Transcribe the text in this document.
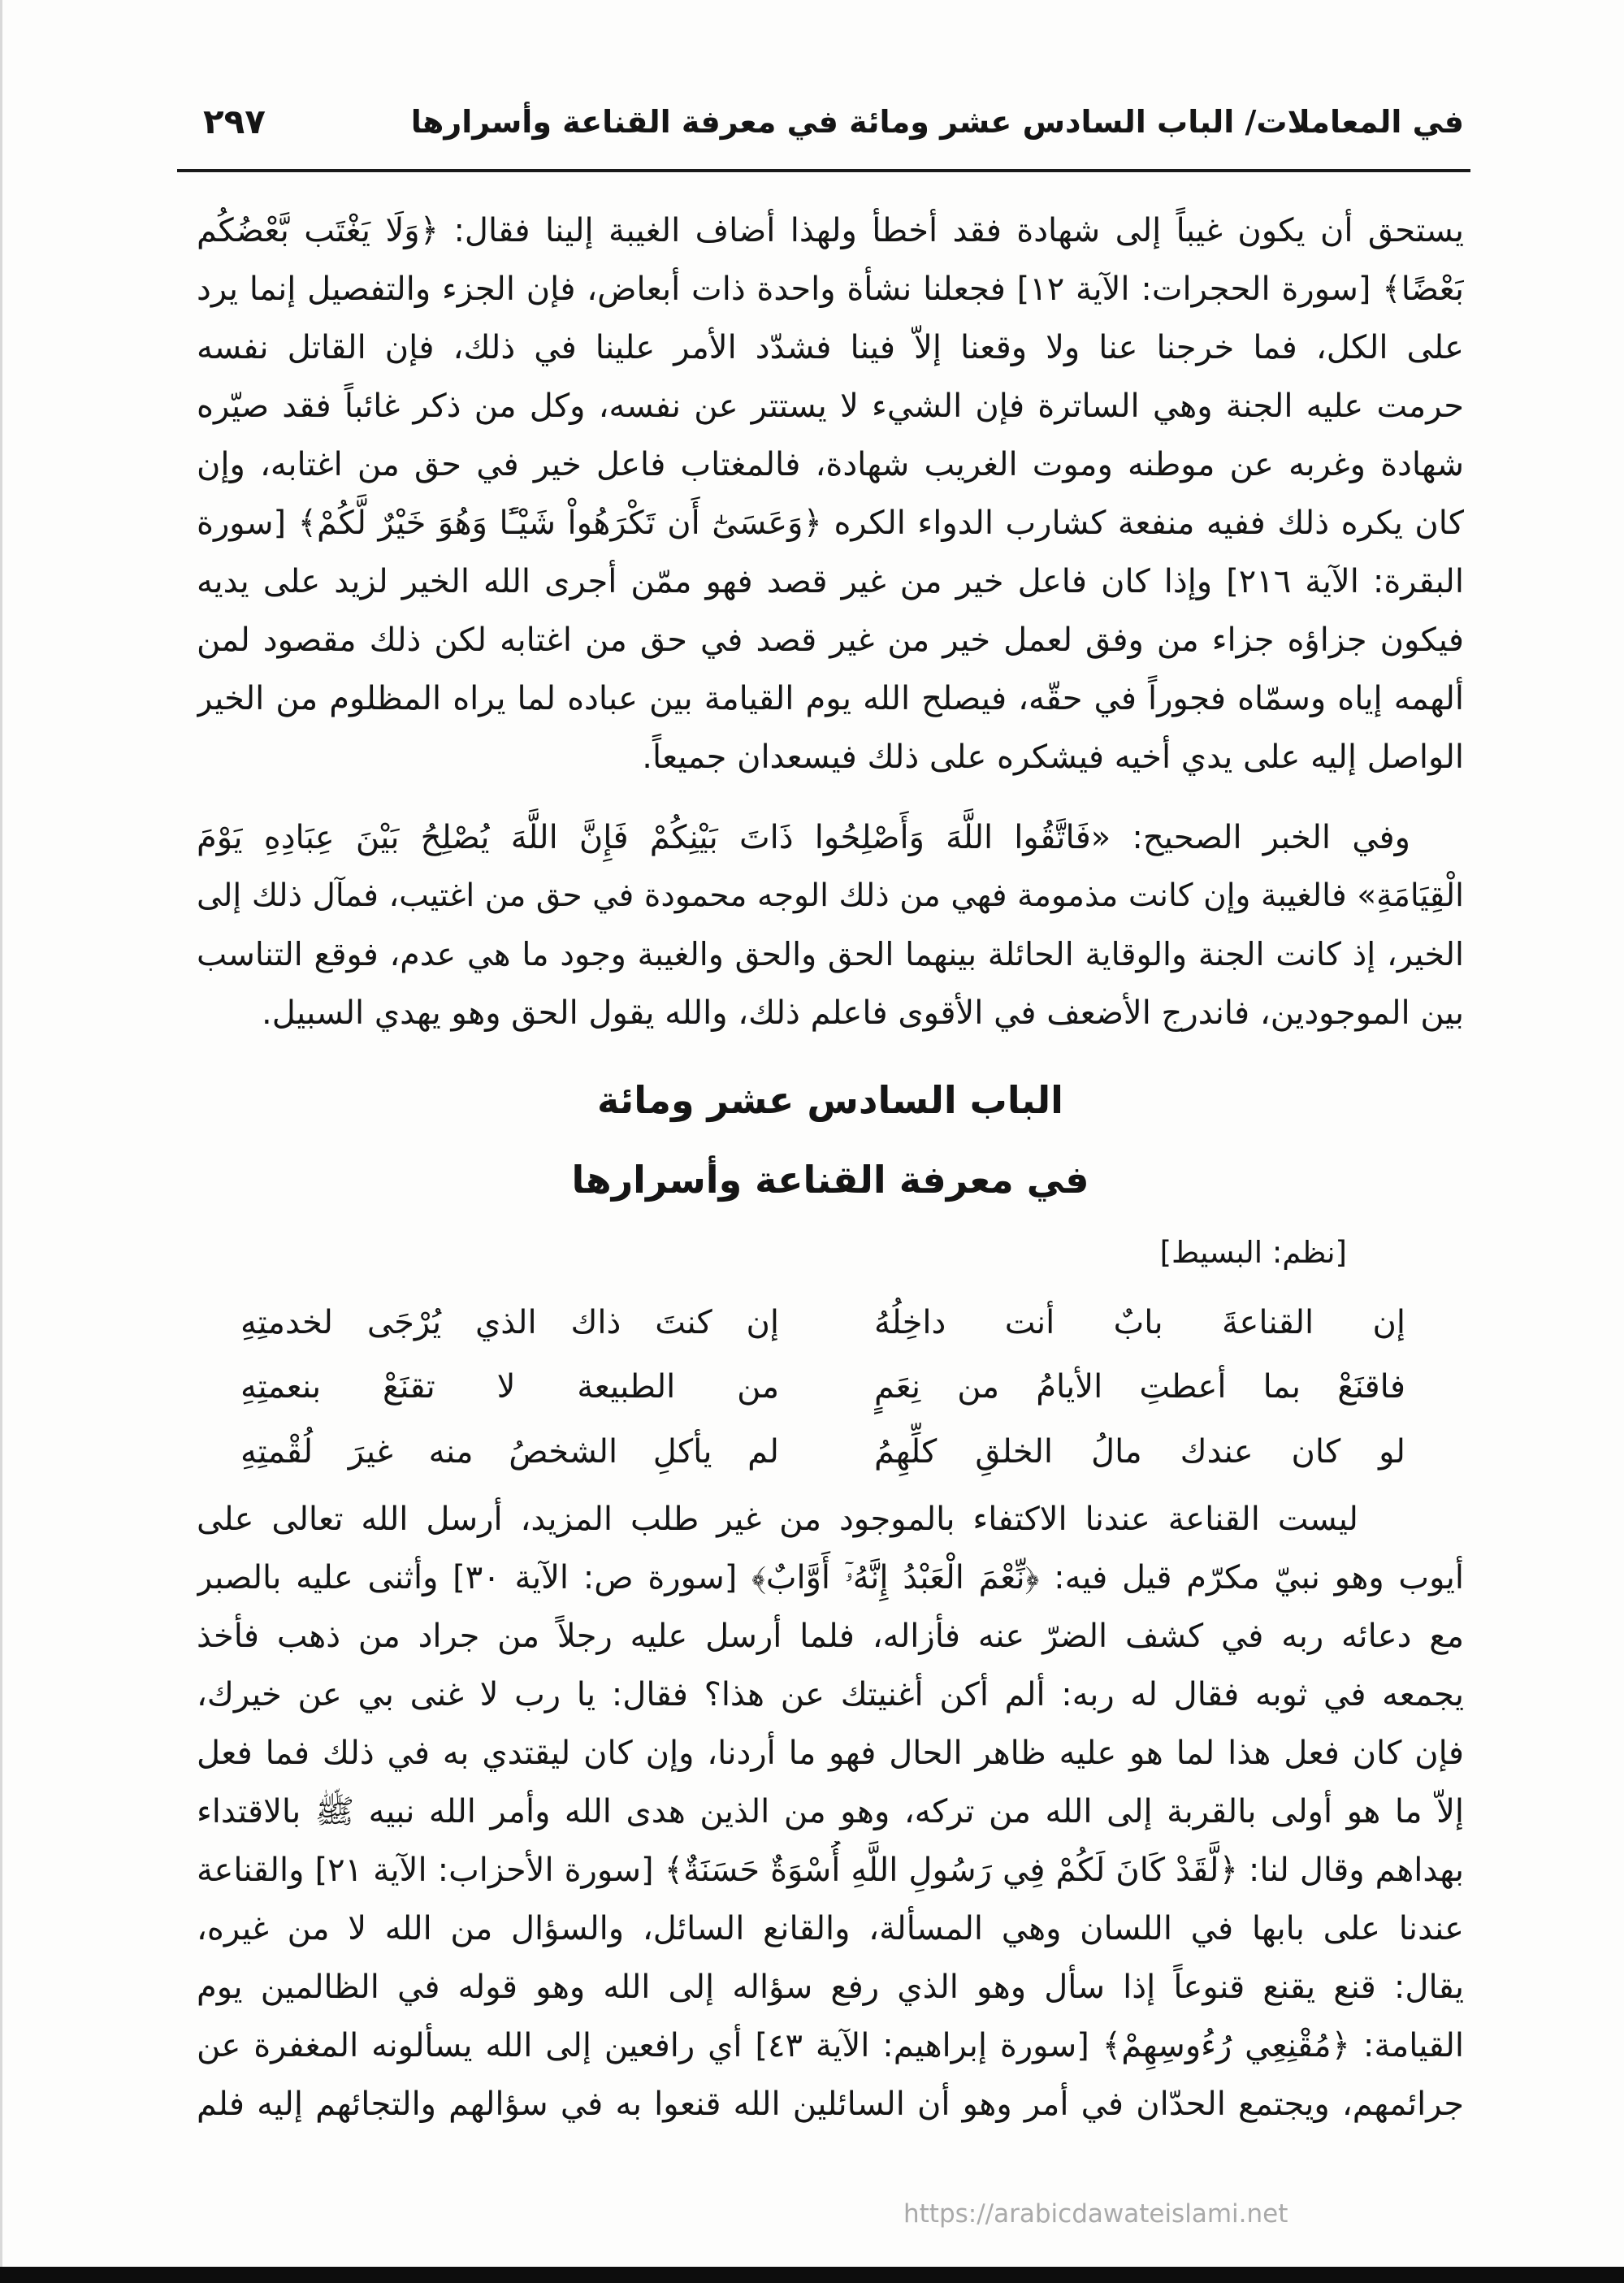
في المعاملات/ الباب السادس عشر ومائة في معرفة القناعة وأسرارها
٢٩٧
يستحق أن يكون غيباً إلى شهادة فقد أخطأ ولهذا أضاف الغيبة إلينا فقال: ﴿وَلَا يَغْتَب بَّعْضُكُم
بَعْضًا﴾ [سورة الحجرات: الآية ١٢] فجعلنا نشأة واحدة ذات أبعاض، فإن الجزء والتفصيل إنما يرد
على الكل، فما خرجنا عنا ولا وقعنا إلاّ فينا فشدّد الأمر علينا في ذلك، فإن القاتل نفسه
حرمت عليه الجنة وهي الساترة فإن الشيء لا يستتر عن نفسه، وكل من ذكر غائباً فقد صيّره
شهادة وغربه عن موطنه وموت الغريب شهادة، فالمغتاب فاعل خير في حق من اغتابه، وإن
كان يكره ذلك ففيه منفعة كشارب الدواء الكره ﴿وَعَسَىٰٓ أَن تَكْرَهُواْ شَيْـًٔا وَهُوَ خَيْرٌ لَّكُمْ﴾ [سورة
البقرة: الآية ٢١٦] وإذا كان فاعل خير من غير قصد فهو ممّن أجرى الله الخير لزيد على يديه
فيكون جزاؤه جزاء من وفق لعمل خير من غير قصد في حق من اغتابه لكن ذلك مقصود لمن
ألهمه إياه وسمّاه فجوراً في حقّه، فيصلح الله يوم القيامة بين عباده لما يراه المظلوم من الخير
الواصل إليه على يدي أخيه فيشكره على ذلك فيسعدان جميعاً.
وفي الخبر الصحيح: «فَاتَّقُوا اللَّهَ وَأَصْلِحُوا ذَاتَ بَيْنِكُمْ فَإِنَّ اللَّهَ يُصْلِحُ بَيْنَ عِبَادِهِ يَوْمَ
الْقِيَامَةِ» فالغيبة وإن كانت مذمومة فهي من ذلك الوجه محمودة في حق من اغتيب، فمآل ذلك إلى
الخير، إذ كانت الجنة والوقاية الحائلة بينهما الحق والحق والغيبة وجود ما هي عدم، فوقع التناسب
بين الموجودين، فاندرج الأضعف في الأقوى فاعلم ذلك، والله يقول الحق وهو يهدي السبيل.
الباب السادس عشر ومائة
في معرفة القناعة وأسرارها
[نظم: البسيط]
إن القناعةَ بابٌ أنت داخِلُهُ
إن كنتَ ذاك الذي يُرْجَى لخدمتِهِ
فاقنَعْ بما أعطتِ الأيامُ من نِعَمٍ
من الطبيعة لا تقنَعْ بنعمتِهِ
لو كان عندك مالُ الخلقِ كلِّهِمُ
لم يأكلِ الشخصُ منه غيرَ لُقْمتِهِ
ليست القناعة عندنا الاكتفاء بالموجود من غير طلب المزيد، أرسل الله تعالى على
أيوب وهو نبيّ مكرّم قيل فيه: ﴿نِّعْمَ الْعَبْدُ إِنَّهُۥٓ أَوَّابٌ﴾ [سورة ص: الآية ٣٠] وأثنى عليه بالصبر
مع دعائه ربه في كشف الضرّ عنه فأزاله، فلما أرسل عليه رجلاً من جراد من ذهب فأخذ
يجمعه في ثوبه فقال له ربه: ألم أكن أغنيتك عن هذا؟ فقال: يا رب لا غنى بي عن خيرك،
فإن كان فعل هذا لما هو عليه ظاهر الحال فهو ما أردنا، وإن كان ليقتدي به في ذلك فما فعل
إلاّ ما هو أولى بالقربة إلى الله من تركه، وهو من الذين هدى الله وأمر الله نبيه ﷺ بالاقتداء
بهداهم وقال لنا: ﴿لَّقَدْ كَانَ لَكُمْ فِي رَسُولِ اللَّهِ أُسْوَةٌ حَسَنَةٌ﴾ [سورة الأحزاب: الآية ٢١] والقناعة
عندنا على بابها في اللسان وهي المسألة، والقانع السائل، والسؤال من الله لا من غيره،
يقال: قنع يقنع قنوعاً إذا سأل وهو الذي رفع سؤاله إلى الله وهو قوله في الظالمين يوم
القيامة: ﴿مُقْنِعِي رُءُوسِهِمْ﴾ [سورة إبراهيم: الآية ٤٣] أي رافعين إلى الله يسألونه المغفرة عن
جرائمهم، ويجتمع الحدّان في أمر وهو أن السائلين الله قنعوا به في سؤالهم والتجائهم إليه فلم
https://arabicdawateislami.net
